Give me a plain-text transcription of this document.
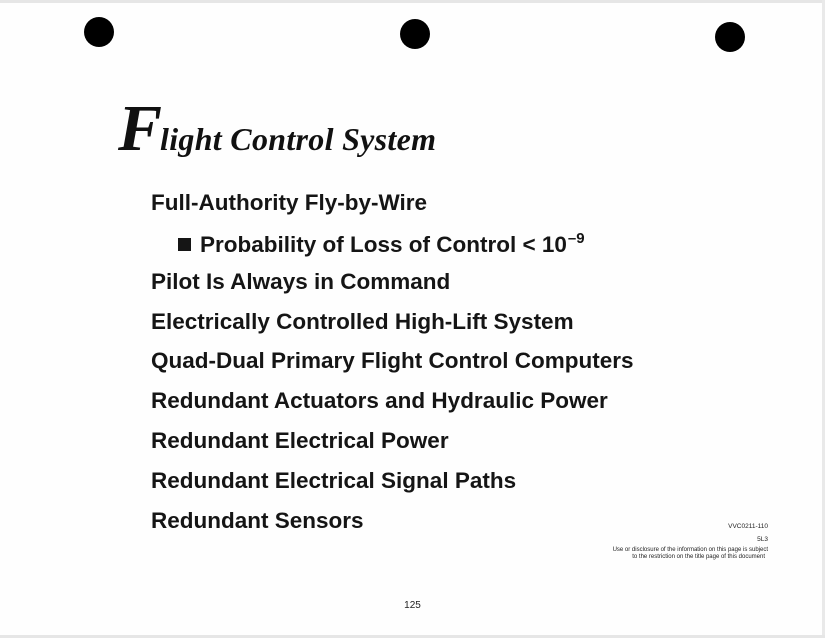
Flight Control System
Full-Authority Fly-by-Wire
Probability of Loss of Control < $10^{-9}$
Pilot Is Always in Command
Electrically Controlled High-Lift System
Quad-Dual Primary Flight Control Computers
Redundant Actuators and Hydraulic Power
Redundant Electrical Power
Redundant Electrical Signal Paths
Redundant Sensors	VVC0211-110
5L3
Use or disclosure of the information on this page is subject
to the restriction on the title page of this document
125
